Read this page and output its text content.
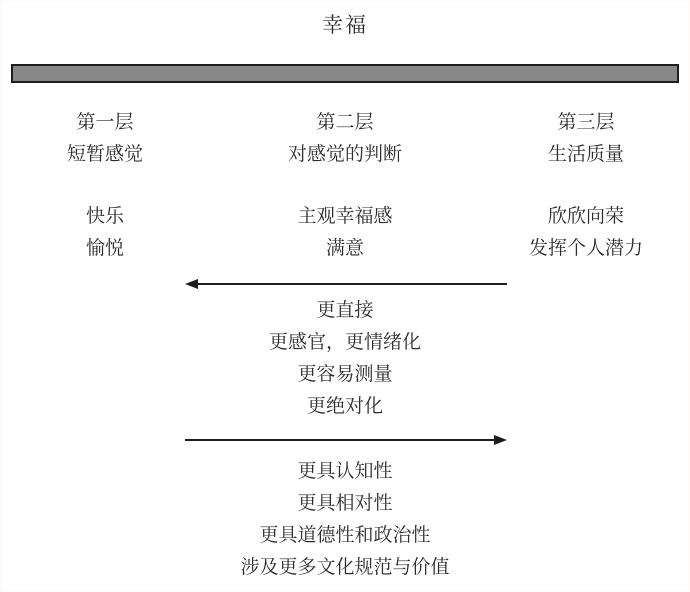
幸福
第一层
短暂感觉
快乐
愉悦
第二层
对感觉的判断
主观幸福感
满意
第三层
生活质量
欣欣向荣
发挥个人潜力
更直接
更感官，更情绪化
更容易测量
更绝对化
更具认知性
更具相对性
更具道德性和政治性
涉及更多文化规范与价值
